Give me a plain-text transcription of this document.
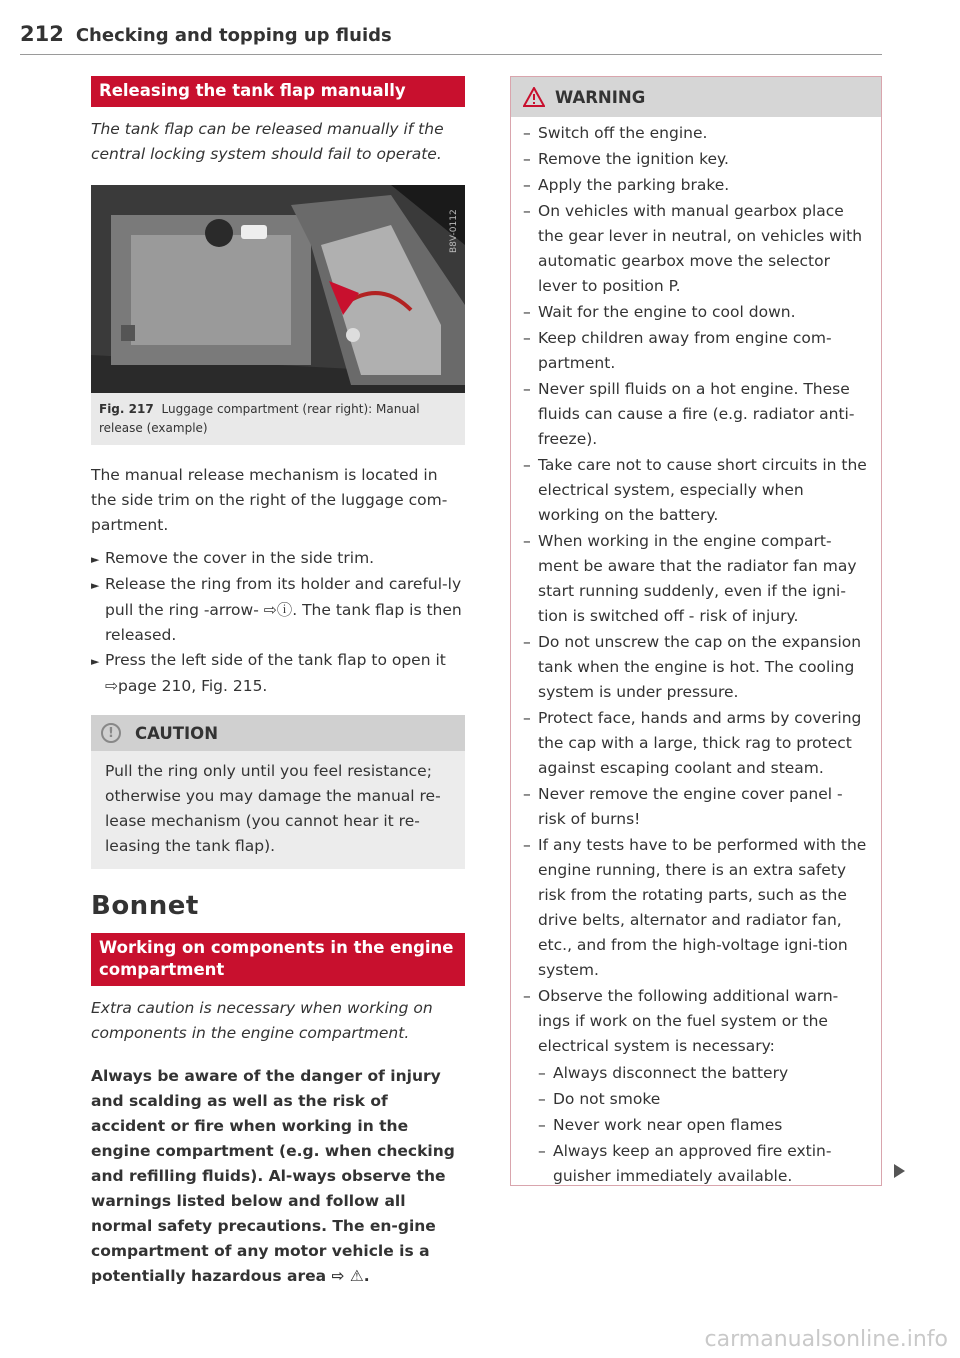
212 Checking and topping up fluids
Releasing the tank flap manually

The tank flap can be released manually if the central locking system should fail to operate.

B8V-0112
Fig. 217 Luggage compartment (rear right): Manual release (example)

The manual release mechanism is located in the side trim on the right of the luggage com-partment.

► Remove the cover in the side trim.
► Release the ring from its holder and careful-ly pull the ring -arrow- ⇨ⓘ. The tank flap is then released.
► Press the left side of the tank flap to open it ⇨page 210, Fig. 215.
!	CAUTION
Pull the ring only until you feel resistance; otherwise you may damage the manual re-lease mechanism (you cannot hear it re-leasing the tank flap).
Bonnet
Working on components in the engine compartment

Extra caution is necessary when working on components in the engine compartment.

Always be aware of the danger of injury and scalding as well as the risk of accident or fire when working in the engine compartment (e.g. when checking and refilling fluids). Al-ways observe the warnings listed below and follow all normal safety precautions. The en-gine compartment of any motor vehicle is a potentially hazardous area ⇨ ⚠.

WARNING
– Switch off the engine.
– Remove the ignition key.
– Apply the parking brake.
– On vehicles with manual gearbox place the gear lever in neutral, on vehicles with automatic gearbox move the selector lever to position P.
– Wait for the engine to cool down.
– Keep children away from engine com-partment.
– Never spill fluids on a hot engine. These fluids can cause a fire (e.g. radiator anti-freeze).
– Take care not to cause short circuits in the electrical system, especially when working on the battery.
– When working in the engine compart-ment be aware that the radiator fan may start running suddenly, even if the igni-tion is switched off - risk of injury.
– Do not unscrew the cap on the expansion tank when the engine is hot. The cooling system is under pressure.
– Protect face, hands and arms by covering the cap with a large, thick rag to protect against escaping coolant and steam.
– Never remove the engine cover panel - risk of burns!
– If any tests have to be performed with the engine running, there is an extra safety risk from the rotating parts, such as the drive belts, alternator and radiator fan, etc., and from the high-voltage igni-tion system.
– Observe the following additional warn-ings if work on the fuel system or the electrical system is necessary:
– Always disconnect the battery
– Do not smoke
– Never work near open flames
– Always keep an approved fire extin-guisher immediately available.
carmanualsonline.info
